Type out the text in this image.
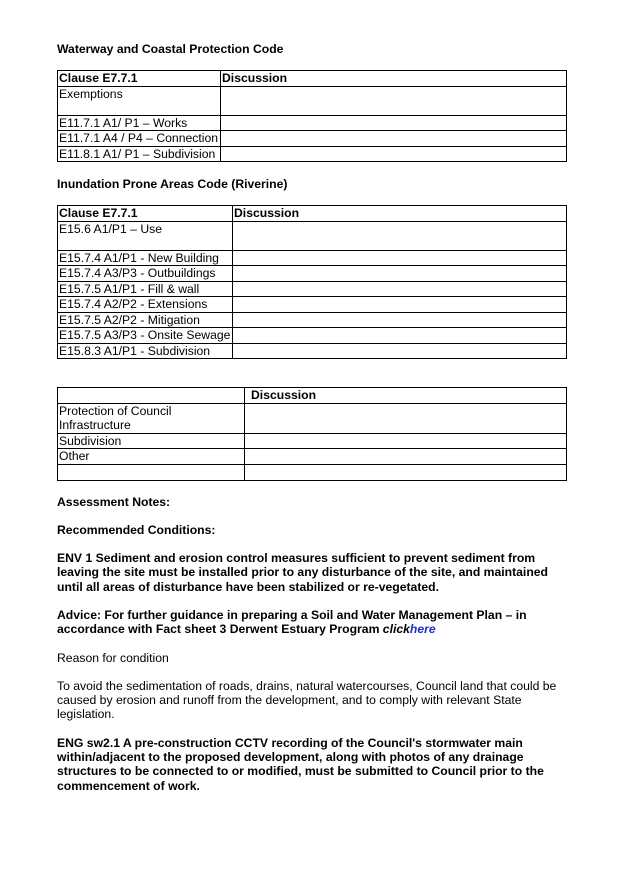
Waterway and Coastal Protection Code
Clause E7.7.1	Discussion
Exemptions	
E11.7.1 A1/ P1 – Works	
E11.7.1 A4 / P4 – Connection	
E11.8.1 A1/ P1 – Subdivision	
Inundation Prone Areas Code (Riverine)
Clause E7.7.1	Discussion
E15.6 A1/P1 – Use	
E15.7.4 A1/P1 - New Building	
E15.7.4 A3/P3 - Outbuildings	
E15.7.5 A1/P1 - Fill & wall	
E15.7.4 A2/P2 - Extensions	
E15.7.5 A2/P2 - Mitigation	
E15.7.5 A3/P3 - Onsite Sewage	
E15.8.3 A1/P1 - Subdivision	
	Discussion
Protection of Council Infrastructure	
Subdivision	
Other	

Assessment Notes:

Recommended Conditions:

ENV 1 Sediment and erosion control measures sufficient to prevent sediment from leaving the site must be installed prior to any disturbance of the site, and maintained until all areas of disturbance have been stabilized or re-vegetated.

Advice: For further guidance in preparing a Soil and Water Management Plan – in accordance with Fact sheet 3 Derwent Estuary Program clickhere

Reason for condition

To avoid the sedimentation of roads, drains, natural watercourses, Council land that could be caused by erosion and runoff from the development, and to comply with relevant State legislation.

ENG sw2.1 A pre-construction CCTV recording of the Council's stormwater main within/adjacent to the proposed development, along with photos of any drainage structures to be connected to or modified, must be submitted to Council prior to the commencement of work.
